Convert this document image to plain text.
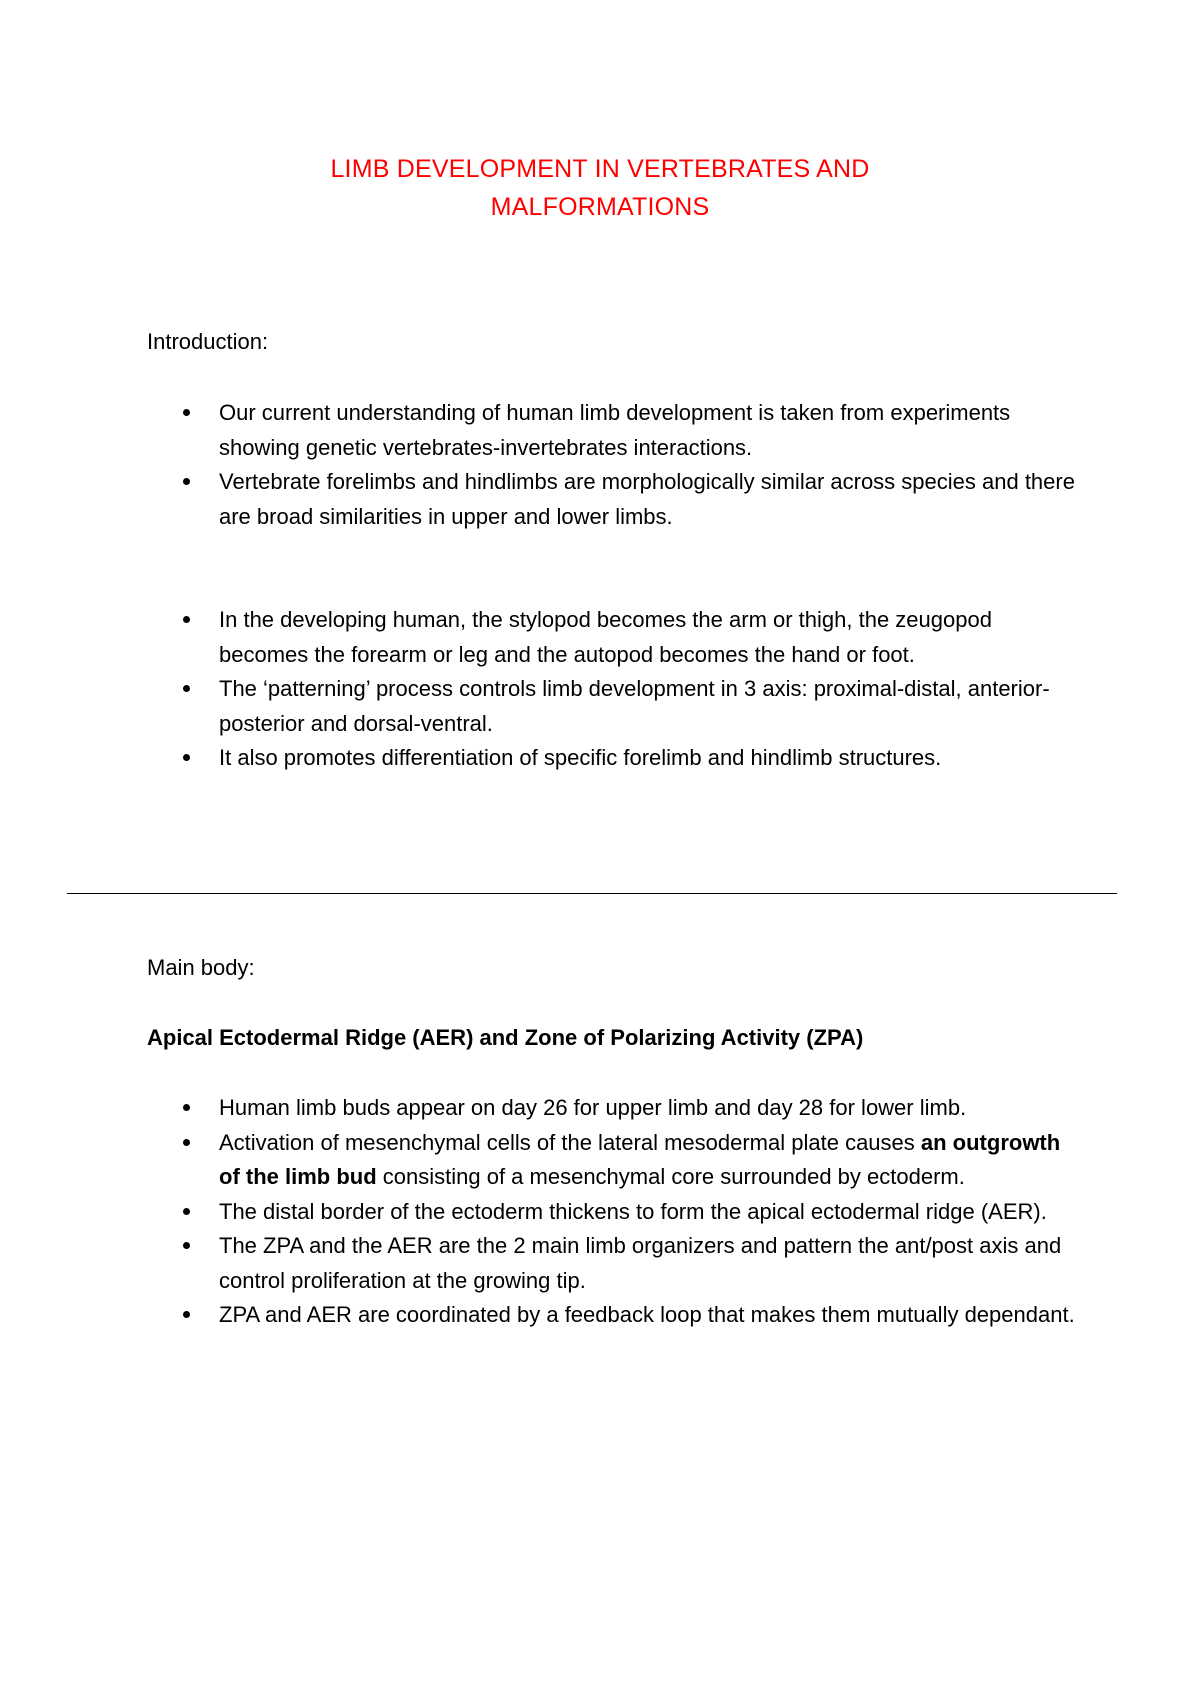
LIMB DEVELOPMENT IN VERTEBRATES AND
MALFORMATIONS
Introduction:
Our current understanding of human limb development is taken from experiments showing genetic vertebrates-invertebrates interactions.
Vertebrate forelimbs and hindlimbs are morphologically similar across species and there are broad similarities in upper and lower limbs.
In the developing human, the stylopod becomes the arm or thigh, the zeugopod becomes the forearm or leg and the autopod becomes the hand or foot.
The ‘patterning’ process controls limb development in 3 axis: proximal-distal, anterior-posterior and dorsal-ventral.
It also promotes differentiation of specific forelimb and hindlimb structures.
Main body:
Apical Ectodermal Ridge (AER) and Zone of Polarizing Activity (ZPA)
Human limb buds appear on day 26 for upper limb and day 28 for lower limb.
Activation of mesenchymal cells of the lateral mesodermal plate causes an outgrowth of the limb bud consisting of a mesenchymal core surrounded by ectoderm.
The distal border of the ectoderm thickens to form the apical ectodermal ridge (AER).
The ZPA and the AER are the 2 main limb organizers and pattern the ant/post axis and control proliferation at the growing tip.
ZPA and AER are coordinated by a feedback loop that makes them mutually dependant.
